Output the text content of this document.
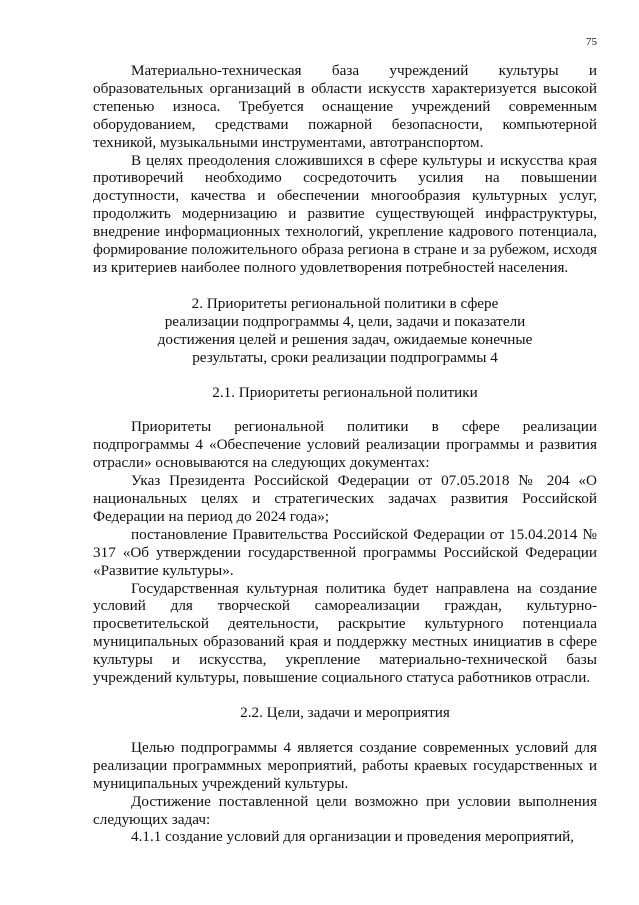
75

Материально-техническая база учреждений культуры и образовательных организаций в области искусств характеризуется высокой степенью износа. Требуется оснащение учреждений современным оборудованием, средствами пожарной безопасности, компьютерной техникой, музыкальными инструментами, автотранспортом.

В целях преодоления сложившихся в сфере культуры и искусства края противоречий необходимо сосредоточить усилия на повышении доступности, качества и обеспечении многообразия культурных услуг, продолжить модернизацию и развитие существующей инфраструктуры, внедрение информационных технологий, укрепление кадрового потенциала, формирование положительного образа региона в стране и за рубежом, исходя из критериев наиболее полного удовлетворения потребностей населения.

2. Приоритеты региональной политики в сфере
реализации подпрограммы 4, цели, задачи и показатели
достижения целей и решения задач, ожидаемые конечные
результаты, сроки реализации подпрограммы 4
2.1. Приоритеты региональной политики

Приоритеты региональной политики в сфере реализации подпрограммы 4 «Обеспечение условий реализации программы и развития отрасли» основываются на следующих документах:

Указ Президента Российской Федерации от 07.05.2018 № 204 «О национальных целях и стратегических задачах развития Российской Федерации на период до 2024 года»;

постановление Правительства Российской Федерации от 15.04.2014 № 317 «Об утверждении государственной программы Российской Федерации «Развитие культуры».

Государственная культурная политика будет направлена на создание условий для творческой самореализации граждан, культурно-просветительской деятельности, раскрытие культурного потенциала муниципальных образований края и поддержку местных инициатив в сфере культуры и искусства, укрепление материально-технической базы учреждений культуры, повышение социального статуса работников отрасли.

2.2. Цели, задачи и мероприятия

Целью подпрограммы 4 является создание современных условий для реализации программных мероприятий, работы краевых государственных и муниципальных учреждений культуры.

Достижение поставленной цели возможно при условии выполнения следующих задач:

4.1.1 создание условий для организации и проведения мероприятий,
